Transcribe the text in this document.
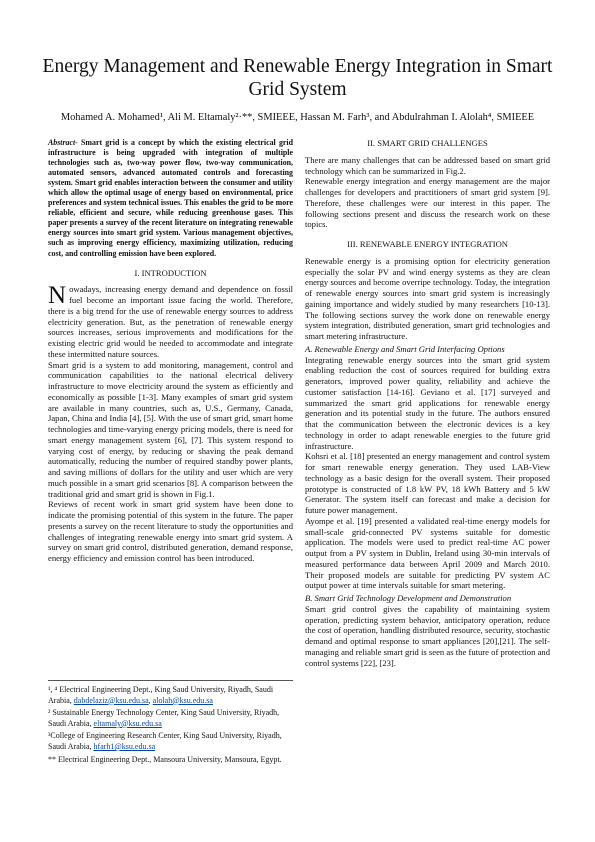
Energy Management and Renewable Energy Integration in Smart Grid System
Mohamed A. Mohamed¹, Ali M. Eltamaly²·**, SMIEEE, Hassan M. Farh³, and Abdulrahman I. Alolah⁴, SMIEEE

Abstract- Smart grid is a concept by which the existing electrical grid infrastructure is being upgraded with integration of multiple technologies such as, two-way power flow, two-way communication, automated sensors, advanced automated controls and forecasting system. Smart grid enables interaction between the consumer and utility which allow the optimal usage of energy based on environmental, price preferences and system technical issues. This enables the grid to be more reliable, efficient and secure, while reducing greenhouse gases. This paper presents a survey of the recent literature on integrating renewable energy sources into smart grid system. Various management objectives, such as improving energy efficiency, maximizing utilization, reducing cost, and controlling emission have been explored.

I. INTRODUCTION

Nowadays, increasing energy demand and dependence on fossil fuel become an important issue facing the world. Therefore, there is a big trend for the use of renewable energy sources to address electricity generation. But, as the penetration of renewable energy sources increases, serious improvements and modifications for the existing electric grid would be needed to accommodate and integrate these intermitted nature sources.

Smart grid is a system to add monitoring, management, control and communication capabilities to the national electrical delivery infrastructure to move electricity around the system as efficiently and economically as possible [1-3]. Many examples of smart grid system are available in many countries, such as, U.S., Germany, Canada, Japan, China and India [4], [5]. With the use of smart grid, smart home technologies and time-varying energy pricing models, there is need for smart energy management system [6], [7]. This system respond to varying cost of energy, by reducing or shaving the peak demand automatically, reducing the number of required standby power plants, and saving millions of dollars for the utility and user which are very much possible in a smart grid scenarios [8]. A comparison between the traditional grid and smart grid is shown in Fig.1.

Reviews of recent work in smart grid system have been done to indicate the promising potential of this system in the future. The paper presents a survey on the recent literature to study the opportunities and challenges of integrating renewable energy into smart grid system. A survey on smart grid control, distributed generation, demand response, energy efficiency and emission control has been introduced.

¹, ⁴ Electrical Engineering Dept., King Saud University, Riyadh, Saudi Arabia, dabdelaziz@ksu.edu.sa, alolah@ksu.edu.sa

² Sustainable Energy Technology Center, King Saud University, Riyadh, Saudi Arabia, eltamaly@ksu.edu.sa

³College of Engineering Research Center, King Saud University, Riyadh, Saudi Arabia, hfarh1@ksu.edu.sa

** Electrical Engineering Dept., Mansoura University, Mansoura, Egypt.

II. SMART GRID CHALLENGES

There are many challenges that can be addressed based on smart grid technology which can be summarized in Fig.2.

Renewable energy integration and energy management are the major challenges for developers and practitioners of smart grid system [9]. Therefore, these challenges were our interest in this paper. The following sections present and discuss the research work on these topics.

III. RENEWABLE ENERGY INTEGRATION

Renewable energy is a promising option for electricity generation especially the solar PV and wind energy systems as they are clean energy sources and become overripe technology. Today, the integration of renewable energy sources into smart grid system is increasingly gaining importance and widely studied by many researchers [10-13]. The following sections survey the work done on renewable energy system integration, distributed generation, smart grid technologies and smart metering infrastructure.

A. Renewable Energy and Smart Grid Interfacing Options

Integrating renewable energy sources into the smart grid system enabling reduction the cost of sources required for building extra generators, improved power quality, reliability and achieve the customer satisfaction [14-16]. Geviano et al. [17] surveyed and summarized the smart grid applications for renewable energy generation and its potential study in the future. The authors ensured that the communication between the electronic devices is a key technology in order to adapt renewable energies to the future grid infrastructure.

Kohsri et al. [18] presented an energy management and control system for smart renewable energy generation. They used LAB-View technology as a basic design for the overall system. Their proposed prototype is constructed of 1.8 kW PV, 18 kWh Battery and 5 kW Generator. The system itself can forecast and make a decision for future power management.

Ayompe et al. [19] presented a validated real-time energy models for small-scale grid-connected PV systems suitable for domestic application. The models were used to predict real-time AC power output from a PV system in Dublin, Ireland using 30-min intervals of measured performance data between April 2009 and March 2010. Their proposed models are suitable for predicting PV system AC output power at time intervals suitable for smart metering.

B. Smart Grid Technology Development and Demonstration

Smart grid control gives the capability of maintaining system operation, predicting system behavior, anticipatory operation, reduce the cost of operation, handling distributed resource, security, stochastic demand and optimal response to smart appliances [20],[21]. The self-managing and reliable smart grid is seen as the future of protection and control systems [22], [23].
